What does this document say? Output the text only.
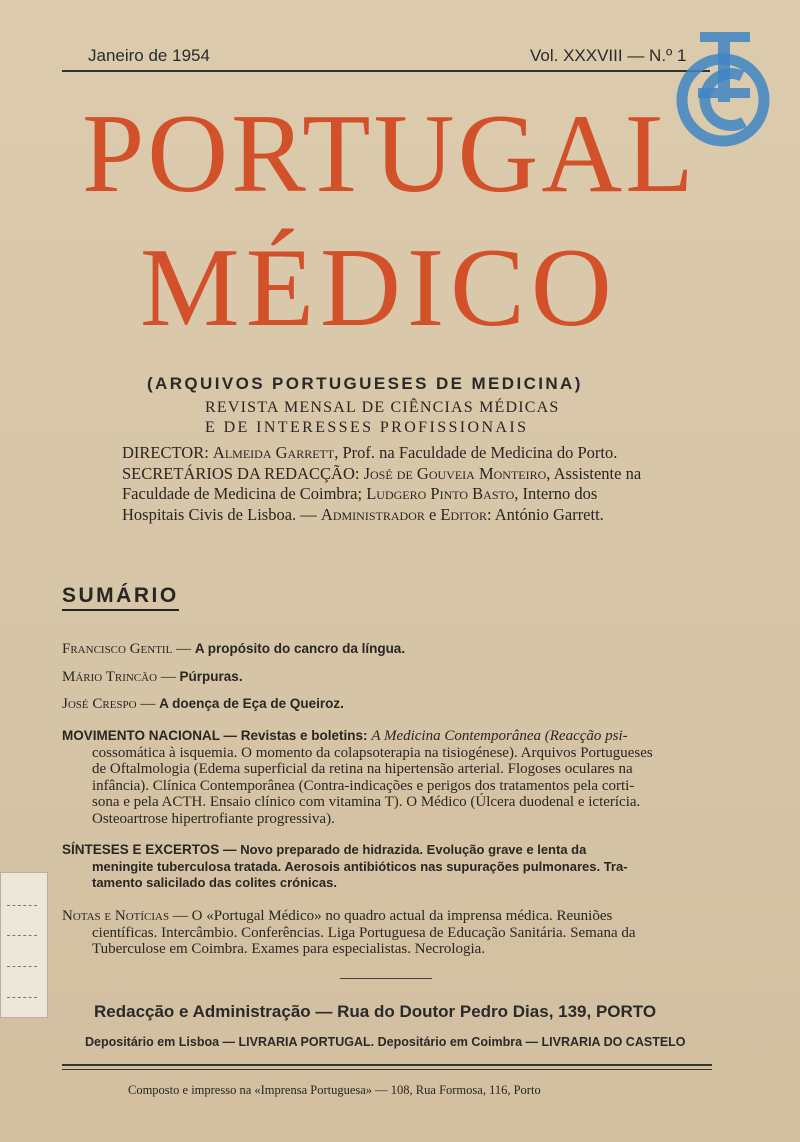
Janeiro de 1954	Vol. XXXVIII — N.º 1
PORTUGAL
MÉDICO
(ARQUIVOS PORTUGUESES DE MEDICINA)
REVISTA MENSAL DE CIÊNCIAS MÉDICAS
E DE INTERESSES PROFISSIONAIS

DIRECTOR: Almeida Garrett, Prof. na Faculdade de Medicina do Porto. SECRETÁRIOS DA REDACÇÃO: José de Gouveia Monteiro, Assistente na Faculdade de Medicina de Coimbra; Ludgero Pinto Basto, Interno dos Hospitais Civis de Lisboa. — Administrador e Editor: António Garrett.

SUMÁRIO
Francisco Gentil — A propósito do cancro da língua.
Mário Trincão — Púrpuras.
José Crespo — A doença de Eça de Queiroz.

MOVIMENTO NACIONAL — Revistas e boletins: A Medicina Contemporânea (Reacção psi-

cossomática à isquemia. O momento da colapsoterapia na tisiogénese). Arquivos Portugueses

de Oftalmologia (Edema superficial da retina na hipertensão arterial. Flogoses oculares na

infância). Clínica Contemporânea (Contra-indicações e perigos dos tratamentos pela corti-

sona e pela ACTH. Ensaio clínico com vitamina T). O Médico (Úlcera duodenal e icterícia.

Osteoartrose hipertrofiante progressiva).

SÍNTESES E EXCERTOS — Novo preparado de hidrazida. Evolução grave e lenta da

meningite tuberculosa tratada. Aerosois antibióticos nas supurações pulmonares. Tra-

tamento salicilado das colites crónicas.

Notas e Notícias — O «Portugal Médico» no quadro actual da imprensa médica. Reuniões

científicas. Intercâmbio. Conferências. Liga Portuguesa de Educação Sanitária. Semana da

Tuberculose em Coimbra. Exames para especialistas. Necrologia.

Redacção e Administração — Rua do Doutor Pedro Dias, 139, PORTO
Depositário em Lisboa — LIVRARIA PORTUGAL. Depositário em Coimbra — LIVRARIA DO CASTELO
Composto e impresso na «Imprensa Portuguesa» — 108, Rua Formosa, 116, Porto
